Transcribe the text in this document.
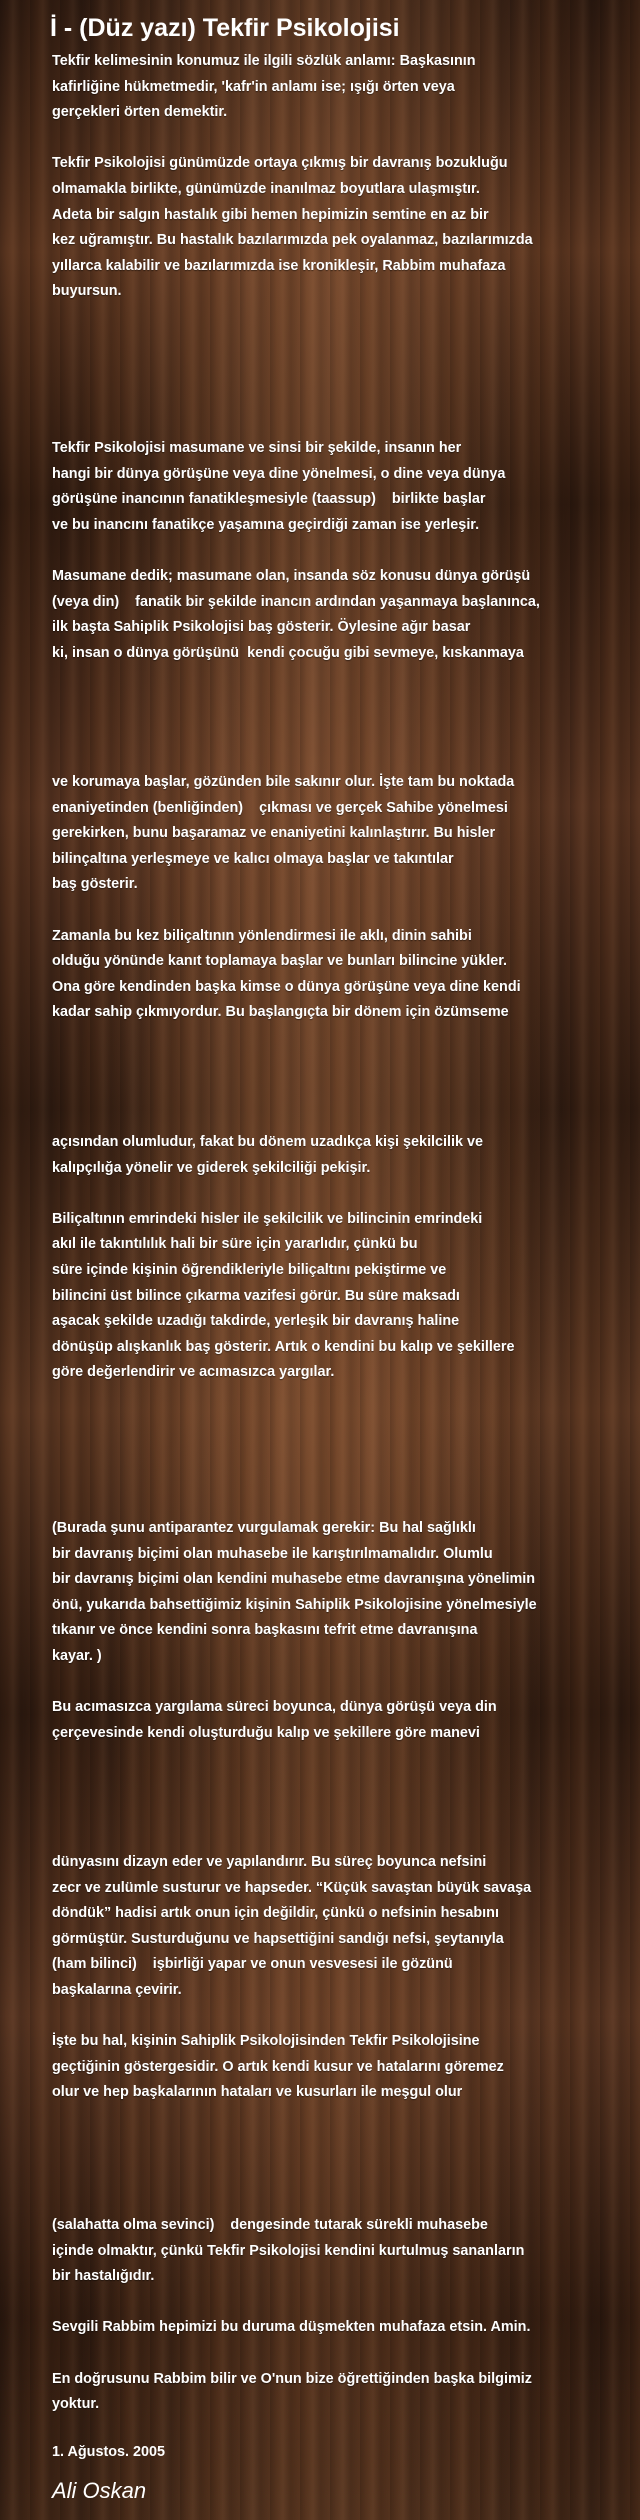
İ - (Düz yazı) Tekfir Psikolojisi

Tekfir kelimesinin konumuz ile ilgili sözlük anlamı: Başkasının
kafirliğine hükmetmedir, 'kafr'in anlamı ise; ışığı örten veya
gerçekleri örten demektir.

Tekfir Psikolojisi günümüzde ortaya çıkmış bir davranış bozukluğu
olmamakla birlikte, günümüzde inanılmaz boyutlara ulaşmıştır.
Adeta bir salgın hastalık gibi hemen hepimizin semtine en az bir
kez uğramıştır. Bu hastalık bazılarımızda pek oyalanmaz, bazılarımızda
yıllarca kalabilir ve bazılarımızda ise kronikleşir, Rabbim muhafaza
buyursun.

Tekfir Psikolojisi masumane ve sinsi bir şekilde, insanın her
hangi bir dünya görüşüne veya dine yönelmesi, o dine veya dünya
görüşüne inancının fanatikleşmesiyle (taassup)    birlikte başlar
ve bu inancını fanatikçe yaşamına geçirdiği zaman ise yerleşir.

Masumane dedik; masumane olan, insanda söz konusu dünya görüşü
(veya din)    fanatik bir şekilde inancın ardından yaşanmaya başlanınca,
ilk başta Sahiplik Psikolojisi baş gösterir. Öylesine ağır basar
ki, insan o dünya görüşünü  kendi çocuğu gibi sevmeye, kıskanmaya

ve korumaya başlar, gözünden bile sakınır olur. İşte tam bu noktada
enaniyetinden (benliğinden)    çıkması ve gerçek Sahibe yönelmesi
gerekirken, bunu başaramaz ve enaniyetini kalınlaştırır. Bu hisler
bilinçaltına yerleşmeye ve kalıcı olmaya başlar ve takıntılar
baş gösterir.

Zamanla bu kez biliçaltının yönlendirmesi ile aklı, dinin sahibi
olduğu yönünde kanıt toplamaya başlar ve bunları bilincine yükler.
Ona göre kendinden başka kimse o dünya görüşüne veya dine kendi
kadar sahip çıkmıyordur. Bu başlangıçta bir dönem için özümseme

açısından olumludur, fakat bu dönem uzadıkça kişi şekilcilik ve
kalıpçılığa yönelir ve giderek şekilciliği pekişir.

Biliçaltının emrindeki hisler ile şekilcilik ve bilincinin emrindeki
akıl ile takıntılılık hali bir süre için yararlıdır, çünkü bu
süre içinde kişinin öğrendikleriyle biliçaltını pekiştirme ve
bilincini üst bilince çıkarma vazifesi görür. Bu süre maksadı
aşacak şekilde uzadığı takdirde, yerleşik bir davranış haline
dönüşüp alışkanlık baş gösterir. Artık o kendini bu kalıp ve şekillere
göre değerlendirir ve acımasızca yargılar.

(Burada şunu antiparantez vurgulamak gerekir: Bu hal sağlıklı
bir davranış biçimi olan muhasebe ile karıştırılmamalıdır. Olumlu
bir davranış biçimi olan kendini muhasebe etme davranışına yönelimin
önü, yukarıda bahsettiğimiz kişinin Sahiplik Psikolojisine yönelmesiyle
tıkanır ve önce kendini sonra başkasını tefrit etme davranışına
kayar. )

Bu acımasızca yargılama süreci boyunca, dünya görüşü veya din
çerçevesinde kendi oluşturduğu kalıp ve şekillere göre manevi

dünyasını dizayn eder ve yapılandırır. Bu süreç boyunca nefsini
zecr ve zulümle susturur ve hapseder. “Küçük savaştan büyük savaşa
döndük” hadisi artık onun için değildir, çünkü o nefsinin hesabını
görmüştür. Susturduğunu ve hapsettiğini sandığı nefsi, şeytanıyla
(ham bilinci)    işbirliği yapar ve onun vesvesesi ile gözünü
başkalarına çevirir.

İşte bu hal, kişinin Sahiplik Psikolojisinden Tekfir Psikolojisine
geçtiğinin göstergesidir. O artık kendi kusur ve hatalarını göremez
olur ve hep başkalarının hataları ve kusurları ile meşgul olur

(salahatta olma sevinci)    dengesinde tutarak sürekli muhasebe
içinde olmaktır, çünkü Tekfir Psikolojisi kendini kurtulmuş sananların
bir hastalığıdır.

Sevgili Rabbim hepimizi bu duruma düşmekten muhafaza etsin. Amin.

En doğrusunu Rabbim bilir ve O'nun bize öğrettiğinden başka bilgimiz
yoktur.

1. Ağustos. 2005
Ali Oskan
